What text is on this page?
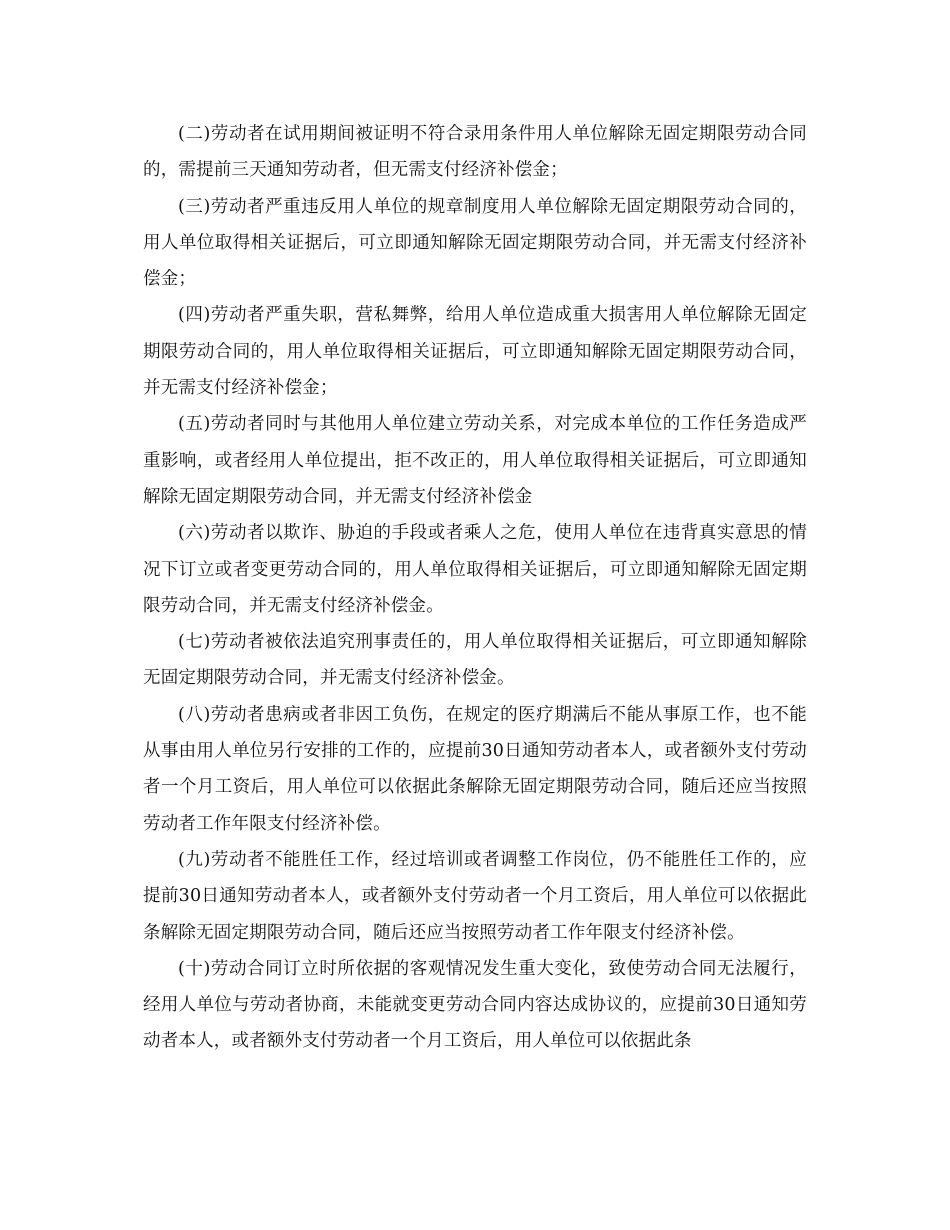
(二)劳动者在试用期间被证明不符合录用条件用人单位解除无固定期限劳动合同的，需提前三天通知劳动者，但无需支付经济补偿金；

(三)劳动者严重违反用人单位的规章制度用人单位解除无固定期限劳动合同的，用人单位取得相关证据后，可立即通知解除无固定期限劳动合同，并无需支付经济补偿金；

(四)劳动者严重失职，营私舞弊，给用人单位造成重大损害用人单位解除无固定期限劳动合同的，用人单位取得相关证据后，可立即通知解除无固定期限劳动合同，并无需支付经济补偿金；

(五)劳动者同时与其他用人单位建立劳动关系，对完成本单位的工作任务造成严重影响，或者经用人单位提出，拒不改正的，用人单位取得相关证据后，可立即通知解除无固定期限劳动合同，并无需支付经济补偿金

(六)劳动者以欺诈、胁迫的手段或者乘人之危，使用人单位在违背真实意思的情况下订立或者变更劳动合同的，用人单位取得相关证据后，可立即通知解除无固定期限劳动合同，并无需支付经济补偿金。

(七)劳动者被依法追究刑事责任的，用人单位取得相关证据后，可立即通知解除无固定期限劳动合同，并无需支付经济补偿金。

(八)劳动者患病或者非因工负伤，在规定的医疗期满后不能从事原工作，也不能从事由用人单位另行安排的工作的，应提前30日通知劳动者本人，或者额外支付劳动者一个月工资后，用人单位可以依据此条解除无固定期限劳动合同，随后还应当按照劳动者工作年限支付经济补偿。

(九)劳动者不能胜任工作，经过培训或者调整工作岗位，仍不能胜任工作的，应提前30日通知劳动者本人，或者额外支付劳动者一个月工资后，用人单位可以依据此条解除无固定期限劳动合同，随后还应当按照劳动者工作年限支付经济补偿。

(十)劳动合同订立时所依据的客观情况发生重大变化，致使劳动合同无法履行，经用人单位与劳动者协商，未能就变更劳动合同内容达成协议的，应提前30日通知劳动者本人，或者额外支付劳动者一个月工资后，用人单位可以依据此条
